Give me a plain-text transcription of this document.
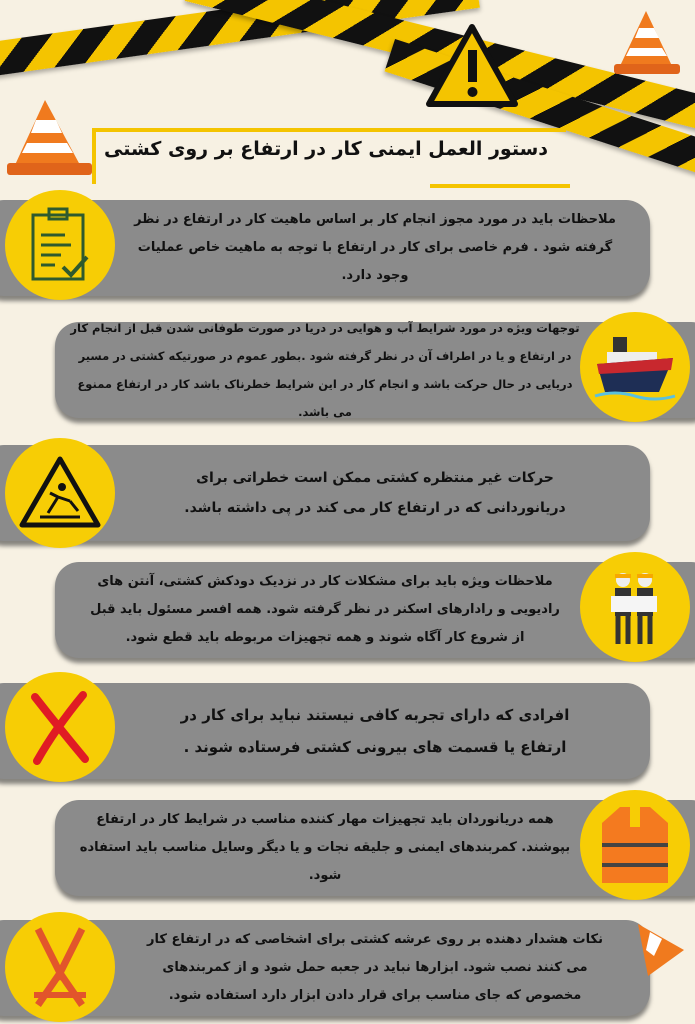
دستور العمل ایمنی کار در ارتفاع بر روی کشتی

ملاحظات باید در مورد مجوز انجام کار بر اساس ماهیت کار در ارتفاع در نظر گرفته شود . فرم خاصی برای کار در ارتفاع با توجه به ماهیت خاص عملیات وجود دارد.

توجهات ویژه در مورد شرایط آب و هوایی در دریا در صورت طوفانی شدن قبل از انجام کار در ارتفاع و یا در اطراف آن در نظر گرفته شود .بطور عموم در صورتیکه کشتی در مسیر دریایی در حال حرکت باشد و انجام کار در این شرایط خطرناک باشد کار در ارتفاع ممنوع می باشد.

حرکات غیر منتظره کشتی ممکن است خطراتی برای دریانوردانی که در ارتفاع کار می کند در پی داشته باشد.

ملاحظات ویژه باید برای مشکلات کار در نزدیک دودکش کشتی، آنتن های رادیویی و رادارهای اسکنر در نظر گرفته شود. همه افسر مسئول باید قبل از شروع کار آگاه شوند و همه تجهیزات مربوطه باید قطع شود.

افرادی که دارای تجربه کافی نیستند نباید برای کار در ارتفاع یا قسمت های بیرونی کشتی فرستاده شوند .

همه دریانوردان باید تجهیزات مهار کننده مناسب در شرایط کار در ارتفاع بپوشند. کمربندهای ایمنی و جلیقه نجات و یا دیگر وسایل مناسب باید استفاده شود.

نکات هشدار دهنده بر روی عرشه کشتی برای اشخاصی که در ارتفاع کار می کنند نصب شود. ابزارها نباید در جعبه حمل شود و از کمربندهای مخصوص که جای مناسب برای قرار دادن ابزار دارد استفاده شود.
